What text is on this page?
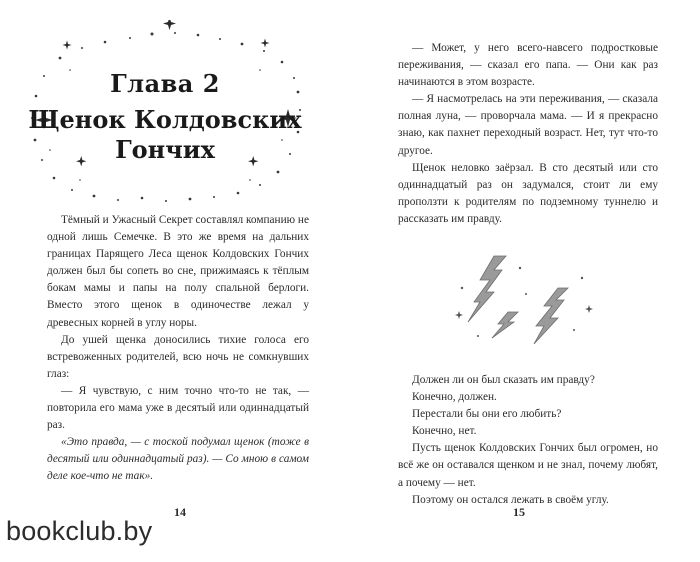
Глава 2
Щенок Колдовских
Гончих

Тёмный и Ужасный Секрет составлял компанию не одной лишь Семечке. В это же время на дальних границах Парящего Леса щенок Колдовских Гончих должен был бы сопеть во сне, прижимаясь к тёплым бокам мамы и папы на полу спальной берлоги. Вместо этого щенок в одиночестве лежал у древесных корней в углу норы.

До ушей щенка доносились тихие голоса его встревоженных родителей, всю ночь не сомкнувших глаз:

— Я чувствую, с ним точно что-то не так, — повторила его мама уже в десятый или одиннадцатый раз.

«Это правда, — с тоской подумал щенок (тоже в десятый или одиннадцатый раз). — Со мною в самом деле кое-что не так».

14

— Может, у него всего-навсего подростковые переживания, — сказал его папа. — Они как раз начинаются в этом возрасте.

— Я насмотрелась на эти переживания, — сказала полная луна, — проворчала мама. — И я прекрасно знаю, как пахнет переходный возраст. Нет, тут что-то другое.

Щенок неловко заёрзал. В сто десятый или сто одиннадцатый раз он задумался, стоит ли ему проползти к родителям по подземному туннелю и рассказать им правду.

Должен ли он был сказать им правду?

Конечно, должен.

Перестали бы они его любить?

Конечно, нет.

Пусть щенок Колдовских Гончих был огромен, но всё же он оставался щенком и не знал, почему любят, а почему — нет.

Поэтому он остался лежать в своём углу.

15
bookclub.by
